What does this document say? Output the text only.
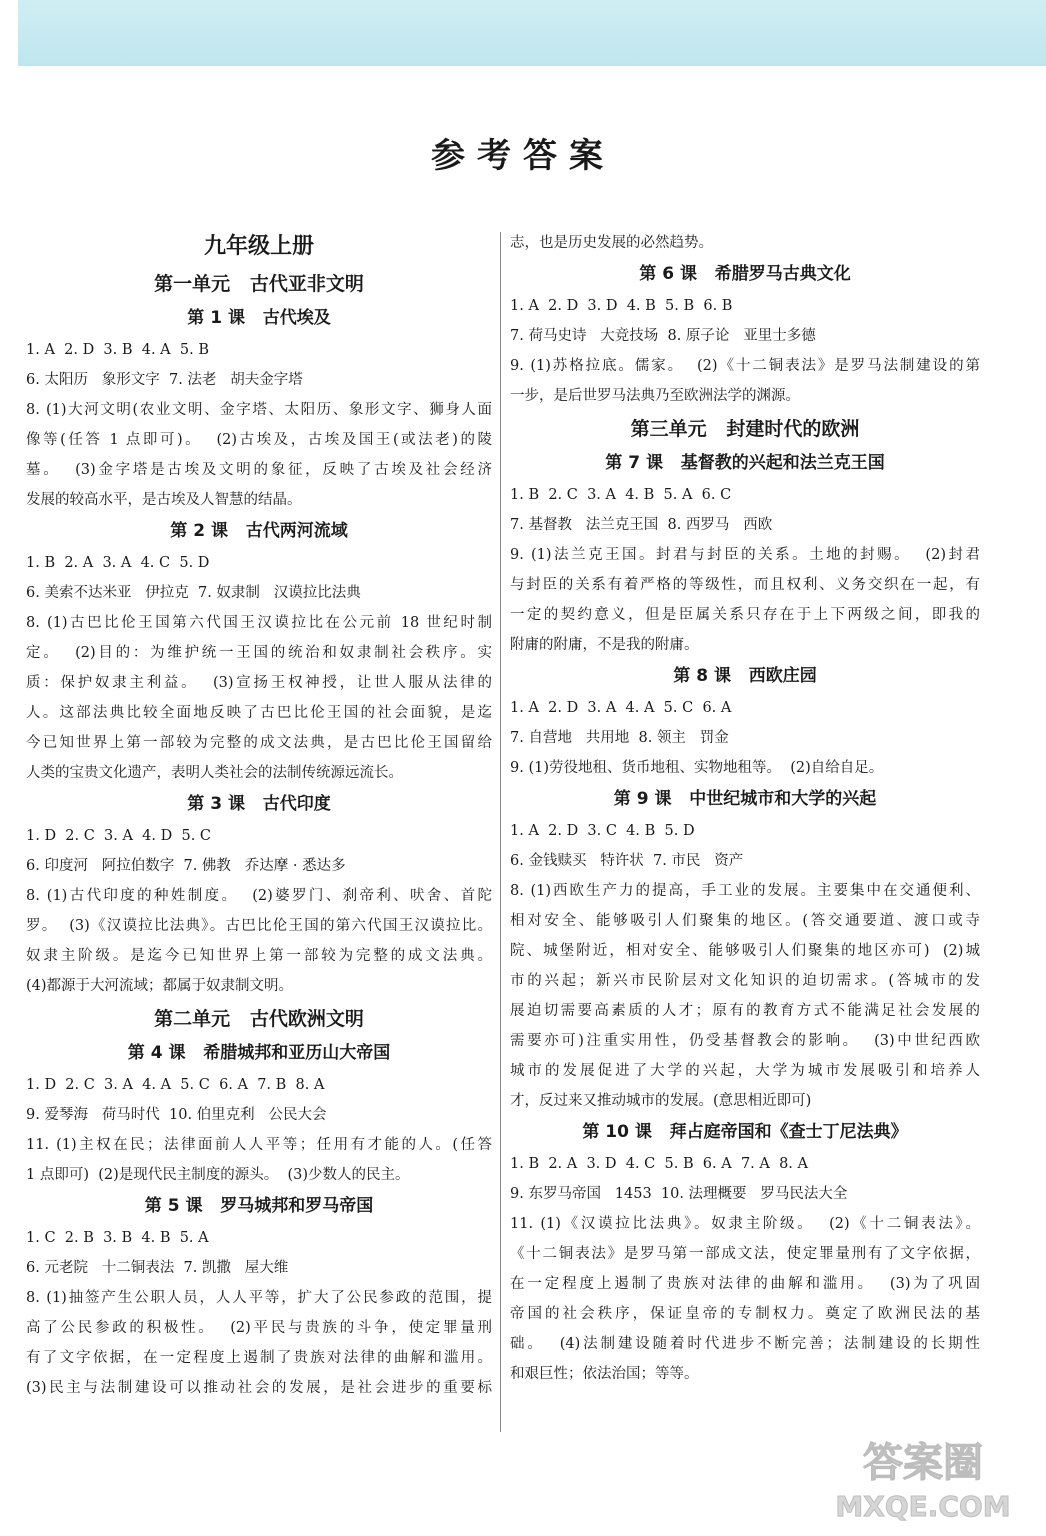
参考答案
九年级上册
第一单元   古代亚非文明
第 1 课   古代埃及
1. A  2. D  3. B  4. A  5. B
6. 太阳历   象形文字  7. 法老   胡夫金字塔
8. (1)大河文明(农业文明、金字塔、太阳历、象形文字、狮身人面
像等(任答 1 点即可)。  (2)古埃及，古埃及国王(或法老)的陵
墓。  (3)金字塔是古埃及文明的象征，反映了古埃及社会经济
发展的较高水平，是古埃及人智慧的结晶。
第 2 课   古代两河流域
1. B  2. A  3. A  4. C  5. D
6. 美索不达米亚   伊拉克  7. 奴隶制   汉谟拉比法典
8. (1)古巴比伦王国第六代国王汉谟拉比在公元前 18 世纪时制
定。  (2)目的：为维护统一王国的统治和奴隶制社会秩序。实
质：保护奴隶主利益。  (3)宣扬王权神授，让世人服从法律的
人。这部法典比较全面地反映了古巴比伦王国的社会面貌，是迄
今已知世界上第一部较为完整的成文法典，是古巴比伦王国留给
人类的宝贵文化遗产，表明人类社会的法制传统源远流长。
第 3 课   古代印度
1. D  2. C  3. A  4. D  5. C
6. 印度河   阿拉伯数字  7. 佛教   乔达摩 · 悉达多
8. (1)古代印度的种姓制度。  (2)婆罗门、刹帝利、吠舍、首陀
罗。  (3)《汉谟拉比法典》。古巴比伦王国的第六代国王汉谟拉比。
奴隶主阶级。是迄今已知世界上第一部较为完整的成文法典。
(4)都源于大河流域；都属于奴隶制文明。
第二单元   古代欧洲文明
第 4 课   希腊城邦和亚历山大帝国
1. D  2. C  3. A  4. A  5. C  6. A  7. B  8. A
9. 爱琴海   荷马时代  10. 伯里克利   公民大会
11. (1)主权在民；法律面前人人平等；任用有才能的人。(任答
1 点即可)  (2)是现代民主制度的源头。  (3)少数人的民主。
第 5 课   罗马城邦和罗马帝国
1. C  2. B  3. B  4. B  5. A
6. 元老院   十二铜表法  7. 凯撒   屋大维
8. (1)抽签产生公职人员，人人平等，扩大了公民参政的范围，提
高了公民参政的积极性。  (2)平民与贵族的斗争，使定罪量刑
有了文字依据，在一定程度上遏制了贵族对法律的曲解和滥用。
(3)民主与法制建设可以推动社会的发展，是社会进步的重要标
志，也是历史发展的必然趋势。
第 6 课   希腊罗马古典文化
1. A  2. D  3. D  4. B  5. B  6. B
7. 荷马史诗   大竞技场  8. 原子论   亚里士多德
9. (1)苏格拉底。儒家。  (2)《十二铜表法》是罗马法制建设的第
一步，是后世罗马法典乃至欧洲法学的渊源。
第三单元   封建时代的欧洲
第 7 课   基督教的兴起和法兰克王国
1. B  2. C  3. A  4. B  5. A  6. C
7. 基督教   法兰克王国  8. 西罗马   西欧
9. (1)法兰克王国。封君与封臣的关系。土地的封赐。  (2)封君
与封臣的关系有着严格的等级性，而且权利、义务交织在一起，有
一定的契约意义，但是臣属关系只存在于上下两级之间，即我的
附庸的附庸，不是我的附庸。
第 8 课   西欧庄园
1. A  2. D  3. A  4. A  5. C  6. A
7. 自营地   共用地  8. 领主   罚金
9. (1)劳役地租、货币地租、实物地租等。  (2)自给自足。
第 9 课   中世纪城市和大学的兴起
1. A  2. D  3. C  4. B  5. D
6. 金钱赎买   特许状  7. 市民   资产
8. (1)西欧生产力的提高，手工业的发展。主要集中在交通便利、
相对安全、能够吸引人们聚集的地区。(答交通要道、渡口或寺
院、城堡附近，相对安全、能够吸引人们聚集的地区亦可)  (2)城
市的兴起；新兴市民阶层对文化知识的迫切需求。(答城市的发
展迫切需要高素质的人才；原有的教育方式不能满足社会发展的
需要亦可)注重实用性，仍受基督教会的影响。  (3)中世纪西欧
城市的发展促进了大学的兴起，大学为城市发展吸引和培养人
才，反过来又推动城市的发展。(意思相近即可)
第 10 课   拜占庭帝国和《查士丁尼法典》
1. B  2. A  3. D  4. C  5. B  6. A  7. A  8. A
9. 东罗马帝国   1453  10. 法理概要   罗马民法大全
11. (1)《汉谟拉比法典》。奴隶主阶级。  (2)《十二铜表法》。
《十二铜表法》是罗马第一部成文法，使定罪量刑有了文字依据，
在一定程度上遏制了贵族对法律的曲解和滥用。  (3)为了巩固
帝国的社会秩序，保证皇帝的专制权力。奠定了欧洲民法的基
础。  (4)法制建设随着时代进步不断完善；法制建设的长期性
和艰巨性；依法治国；等等。
答案圈
MXQE.COM
